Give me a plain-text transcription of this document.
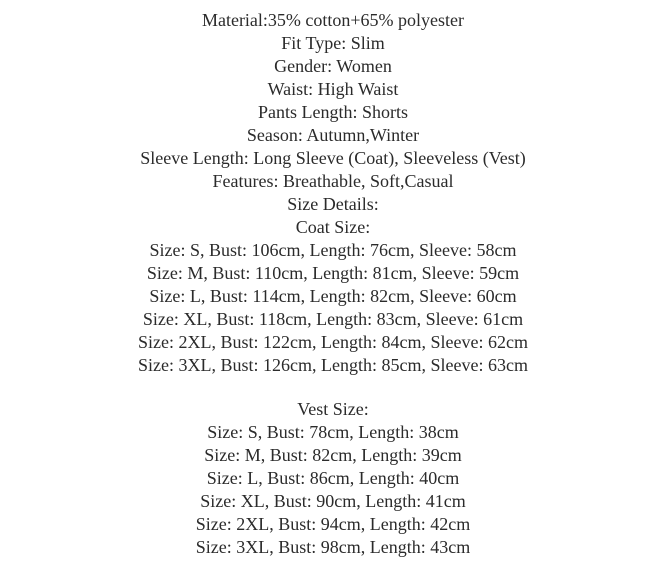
Material:35% cotton+65% polyester
Fit Type: Slim
Gender: Women
Waist: High Waist
Pants Length: Shorts
Season: Autumn,Winter
Sleeve Length: Long Sleeve (Coat), Sleeveless (Vest)
Features: Breathable, Soft,Casual
Size Details:
Coat Size:
Size: S, Bust: 106cm, Length: 76cm, Sleeve: 58cm
Size: M, Bust: 110cm, Length: 81cm, Sleeve: 59cm
Size: L, Bust: 114cm, Length: 82cm, Sleeve: 60cm
Size: XL, Bust: 118cm, Length: 83cm, Sleeve: 61cm
Size: 2XL, Bust: 122cm, Length: 84cm, Sleeve: 62cm
Size: 3XL, Bust: 126cm, Length: 85cm, Sleeve: 63cm
Vest Size:
Size: S, Bust: 78cm, Length: 38cm
Size: M, Bust: 82cm, Length: 39cm
Size: L, Bust: 86cm, Length: 40cm
Size: XL, Bust: 90cm, Length: 41cm
Size: 2XL, Bust: 94cm, Length: 42cm
Size: 3XL, Bust: 98cm, Length: 43cm
